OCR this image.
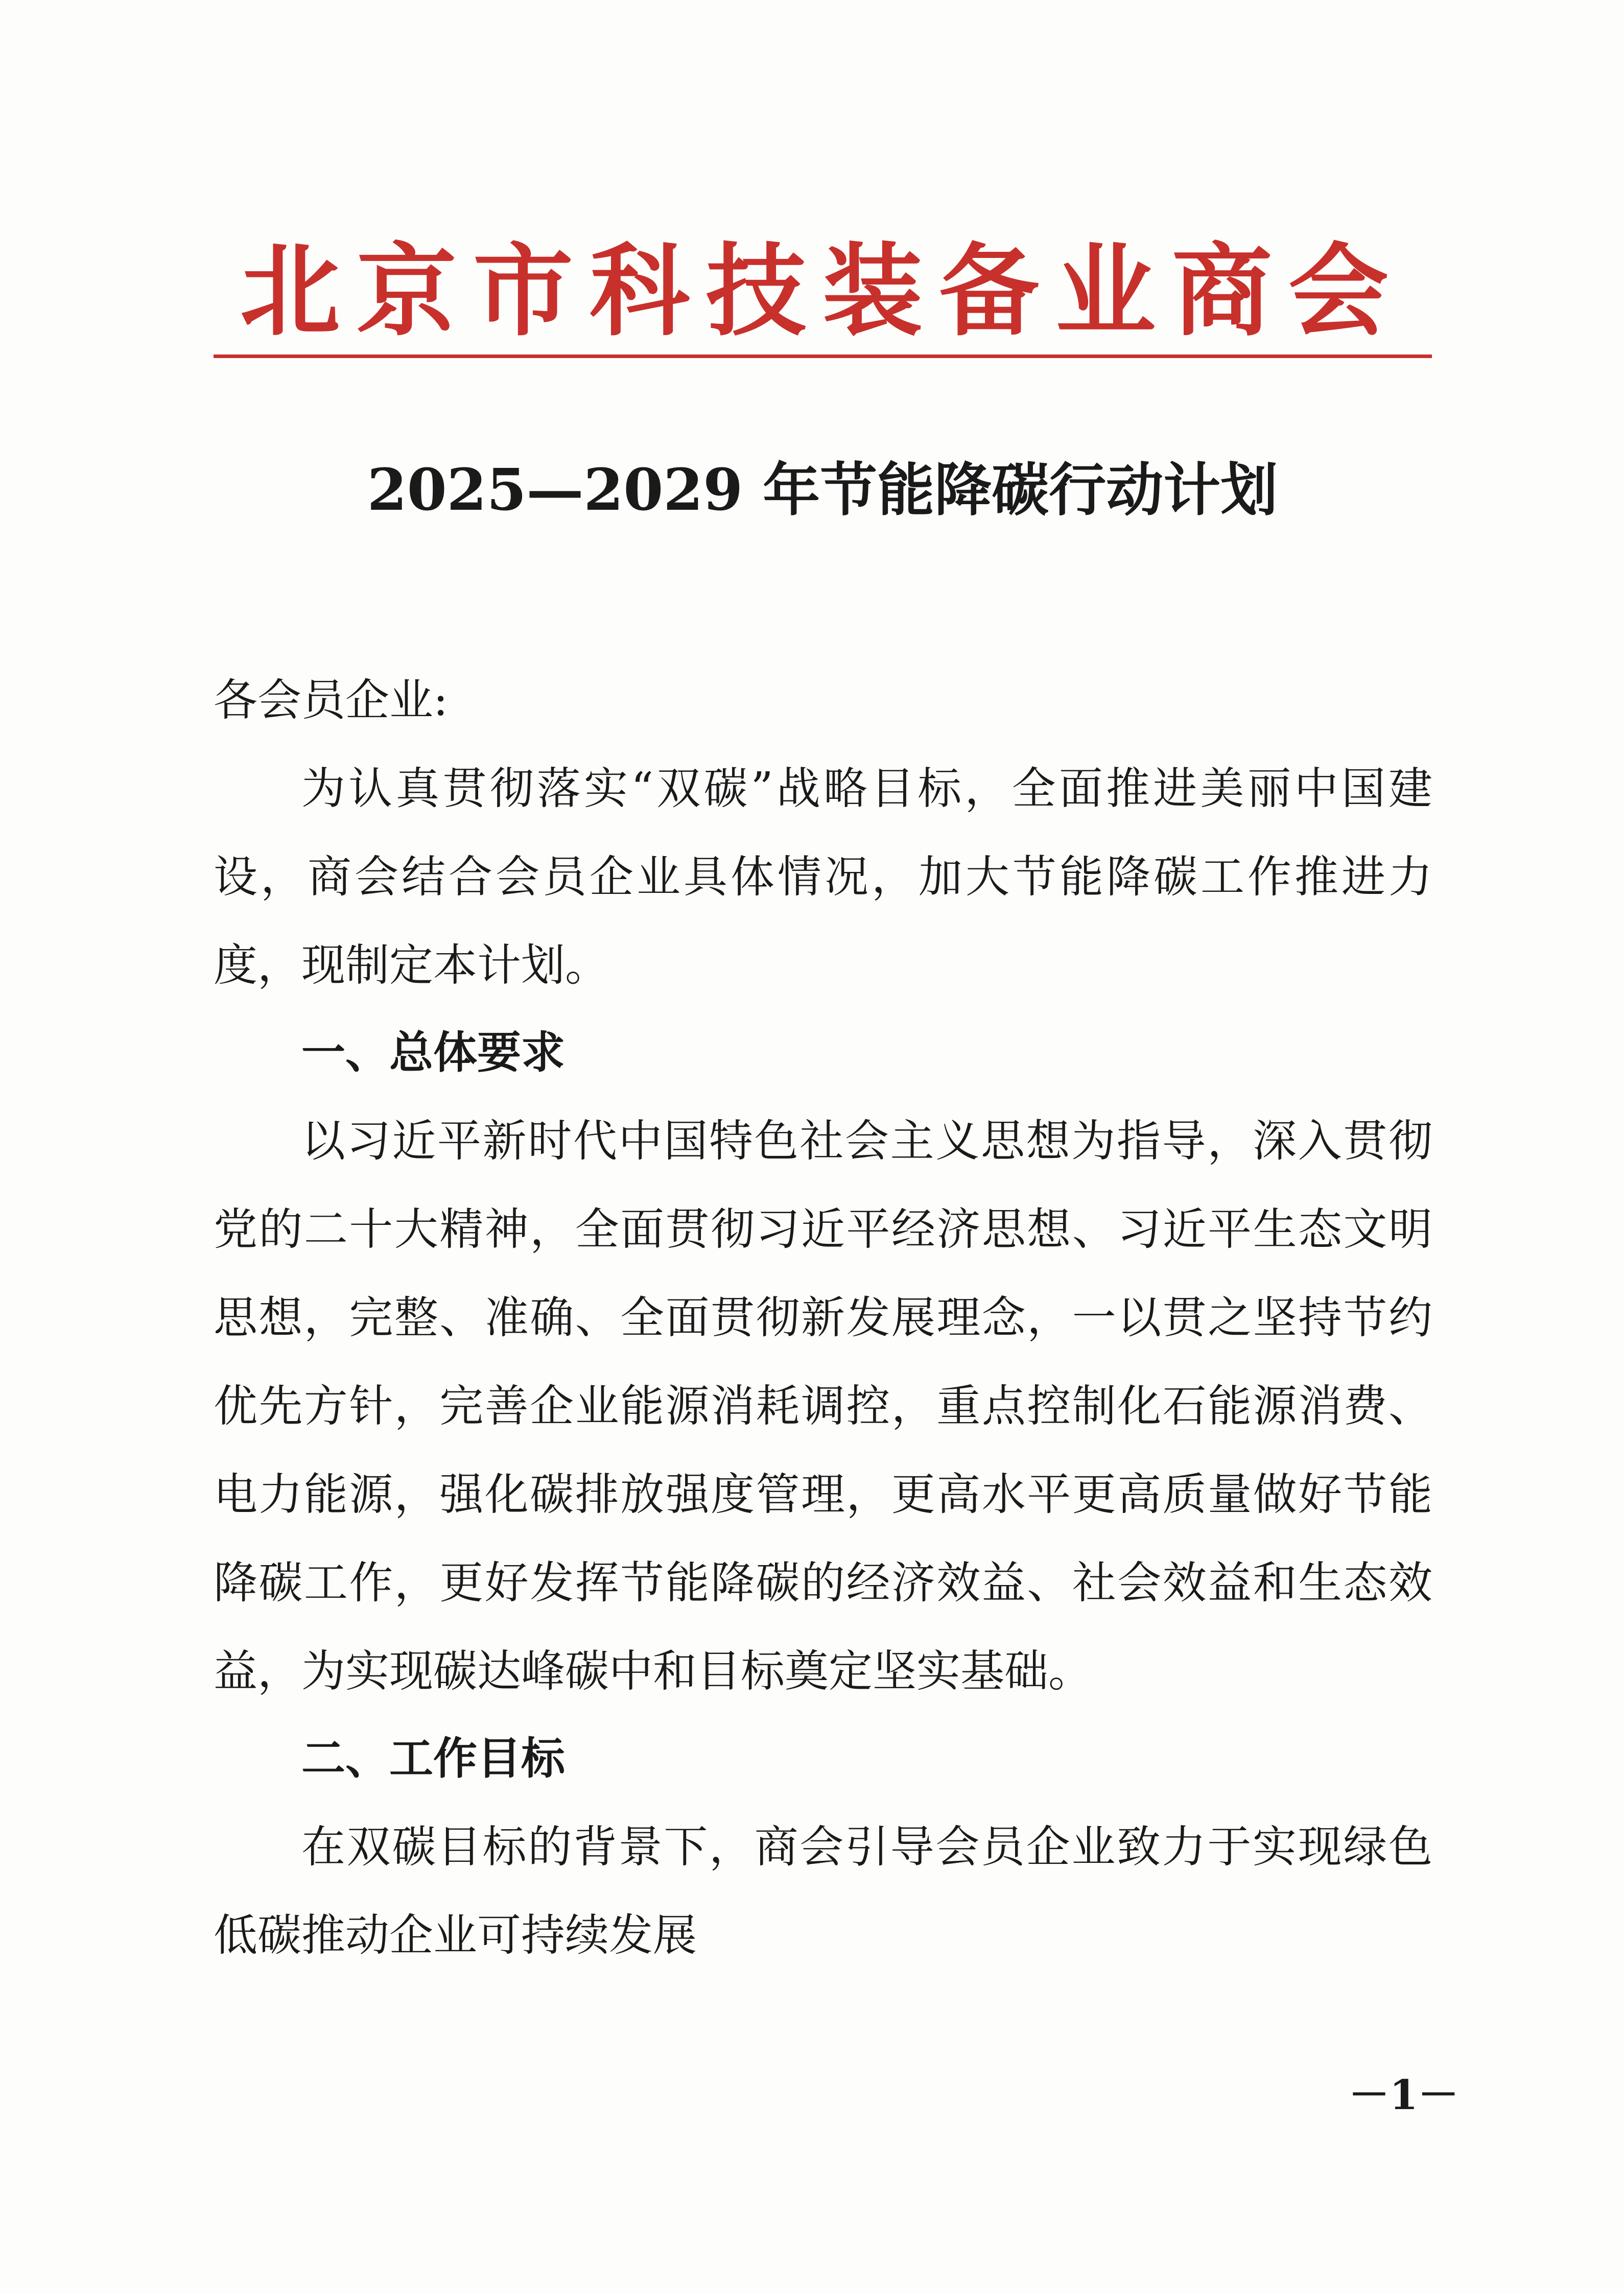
北京市科技装备业商会
2025—2029 年节能降碳行动计划

各会员企业:

为认真贯彻落实“双碳”战略目标，全面推进美丽中国建设，商会结合会员企业具体情况，加大节能降碳工作推进力度，现制定本计划。

一、总体要求

以习近平新时代中国特色社会主义思想为指导，深入贯彻党的二十大精神，全面贯彻习近平经济思想、习近平生态文明思想，完整、准确、全面贯彻新发展理念，一以贯之坚持节约优先方针，完善企业能源消耗调控，重点控制化石能源消费、电力能源，强化碳排放强度管理，更高水平更高质量做好节能降碳工作，更好发挥节能降碳的经济效益、社会效益和生态效益，为实现碳达峰碳中和目标奠定坚实基础。

二、工作目标

在双碳目标的背景下，商会引导会员企业致力于实现绿色低碳推动企业可持续发展

－1－
